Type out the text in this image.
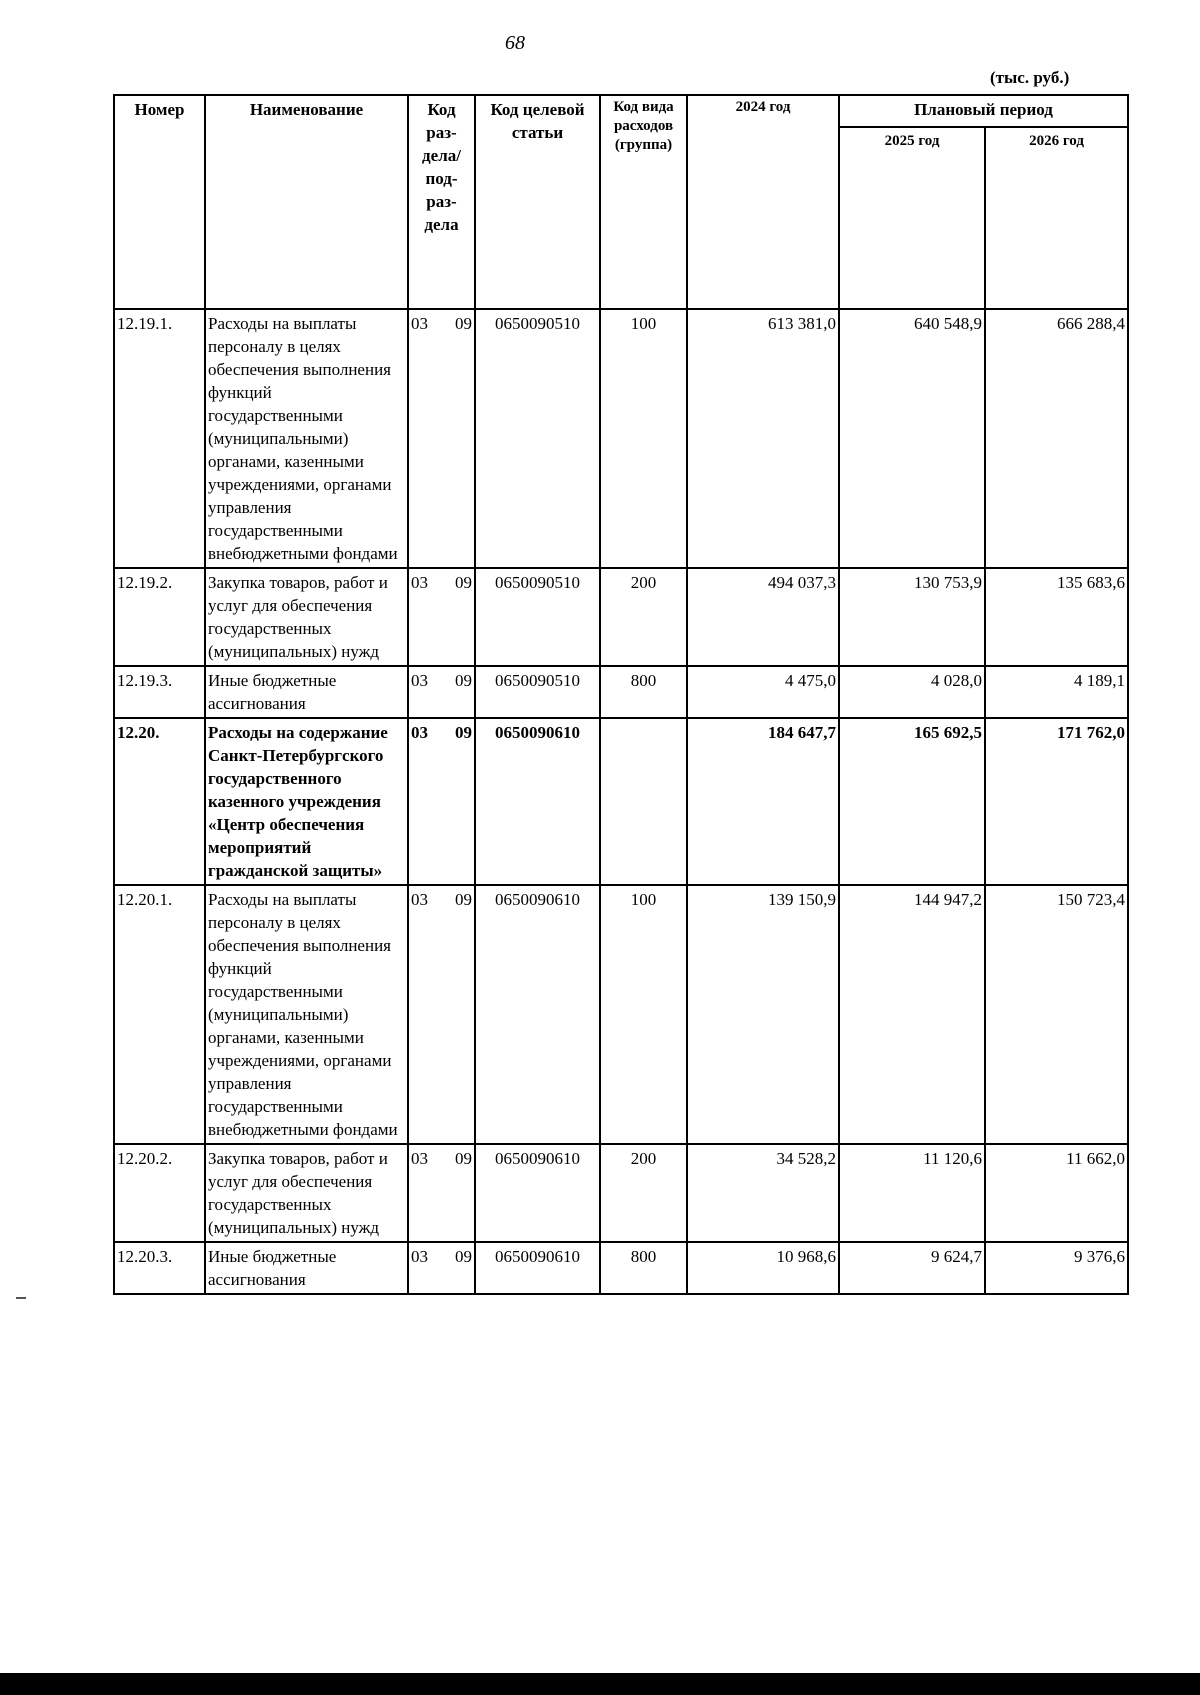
68
(тыс. руб.)
Номер	Наименование	Код раз-дела/ под-раз-дела	Код целевой статьи	Код вида расходов (группа)	2024 год	Плановый период	
						2025 год	2026 год
12.19.1.	Расходы на выплаты персоналу в целях обеспечения выполнения функций государственными (муниципальными) органами, казенными учреждениями, органами управления государственными внебюджетными фондами	03 09	0650090510	100	613 381,0	640 548,9	666 288,4
12.19.2.	Закупка товаров, работ и услуг для обеспечения государственных (муниципальных) нужд	03 09	0650090510	200	494 037,3	130 753,9	135 683,6
12.19.3.	Иные бюджетные ассигнования	03 09	0650090510	800	4 475,0	4 028,0	4 189,1
12.20.	Расходы на содержание Санкт-Петербургского государственного казенного учреждения «Центр обеспечения мероприятий гражданской защиты»	03 09	0650090610		184 647,7	165 692,5	171 762,0
12.20.1.	Расходы на выплаты персоналу в целях обеспечения выполнения функций государственными (муниципальными) органами, казенными учреждениями, органами управления государственными внебюджетными фондами	03 09	0650090610	100	139 150,9	144 947,2	150 723,4
12.20.2.	Закупка товаров, работ и услуг для обеспечения государственных (муниципальных) нужд	03 09	0650090610	200	34 528,2	11 120,6	11 662,0
12.20.3.	Иные бюджетные ассигнования	03 09	0650090610	800	10 968,6	9 624,7	9 376,6
